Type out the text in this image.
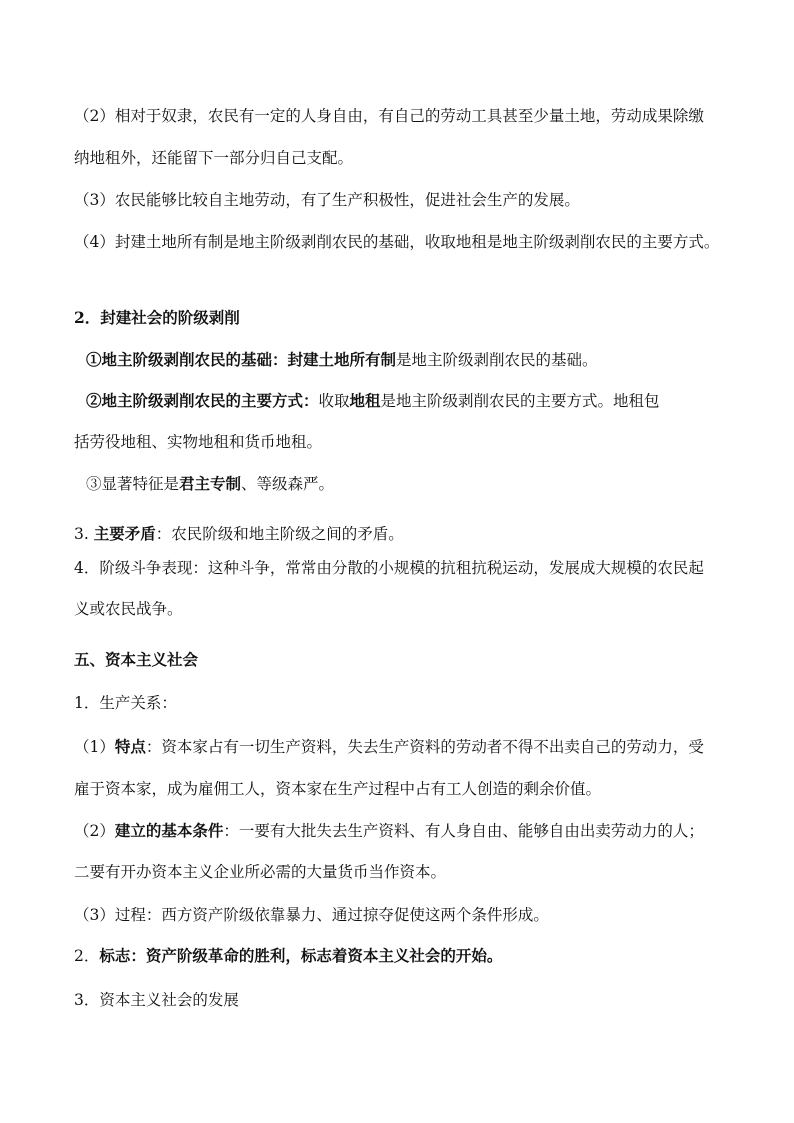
（2）相对于奴隶，农民有一定的人身自由，有自己的劳动工具甚至少量土地，劳动成果除缴
纳地租外，还能留下一部分归自己支配。
（3）农民能够比较自主地劳动，有了生产积极性，促进社会生产的发展。
（4）封建土地所有制是地主阶级剥削农民的基础，收取地租是地主阶级剥削农民的主要方式。
2．封建社会的阶级剥削
①地主阶级剥削农民的基础：封建土地所有制是地主阶级剥削农民的基础。
②地主阶级剥削农民的主要方式：收取地租是地主阶级剥削农民的主要方式。地租包
括劳役地租、实物地租和货币地租。
③显著特征是君主专制、等级森严。
3. 主要矛盾：农民阶级和地主阶级之间的矛盾。
4．阶级斗争表现：这种斗争，常常由分散的小规模的抗租抗税运动，发展成大规模的农民起
义或农民战争。
五、资本主义社会
1．生产关系：
（1）特点：资本家占有一切生产资料，失去生产资料的劳动者不得不出卖自己的劳动力，受
雇于资本家，成为雇佣工人，资本家在生产过程中占有工人创造的剩余价值。
（2）建立的基本条件：一要有大批失去生产资料、有人身自由、能够自由出卖劳动力的人；
二要有开办资本主义企业所必需的大量货币当作资本。
（3）过程：西方资产阶级依靠暴力、通过掠夺促使这两个条件形成。
2．标志：资产阶级革命的胜利，标志着资本主义社会的开始。
3．资本主义社会的发展
